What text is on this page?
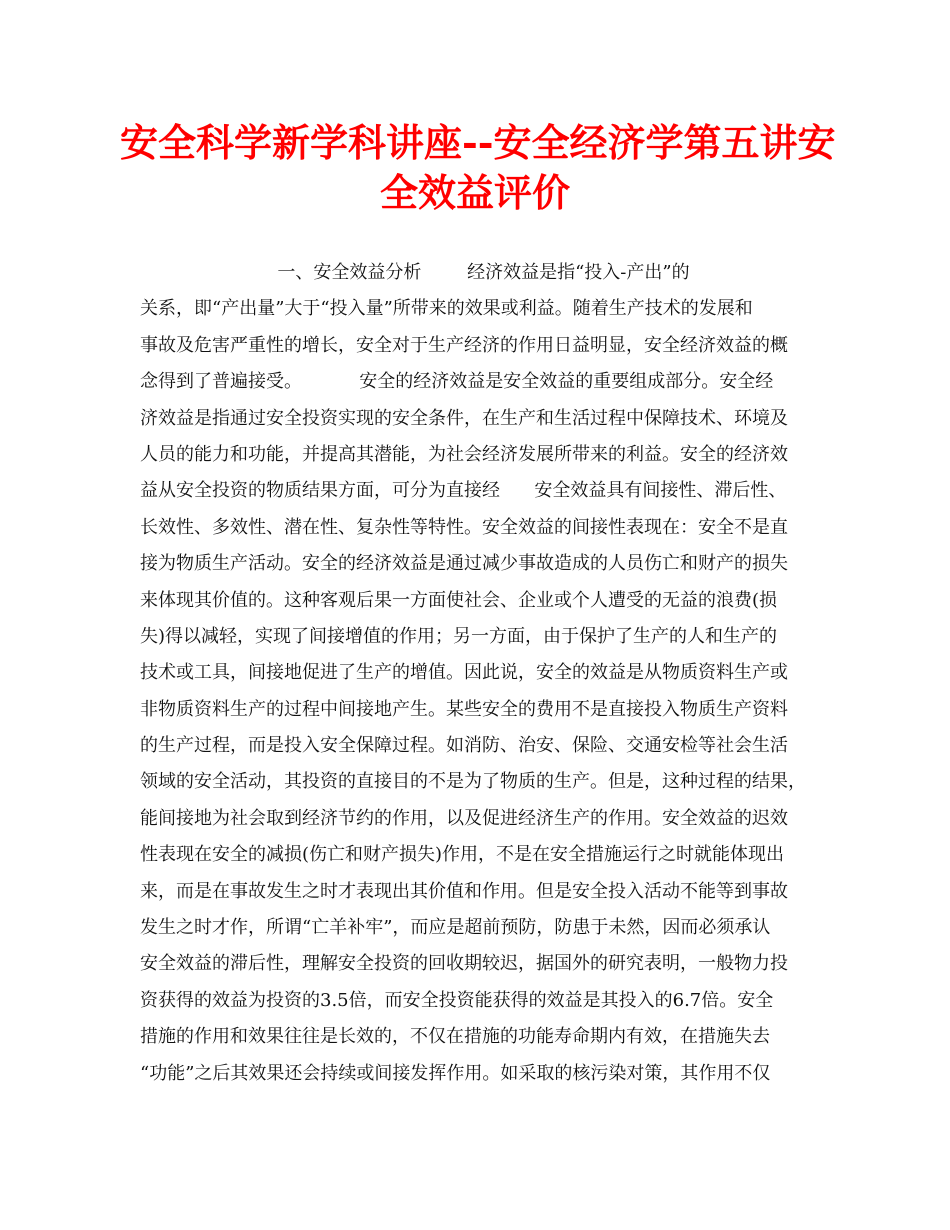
安全科学新学科讲座--安全经济学第五讲安
全效益评价
一、安全效益分析        经济效益是指“投入-产出”的
关系，即“产出量”大于“投入量”所带来的效果或利益。随着生产技术的发展和
事故及危害严重性的增长，安全对于生产经济的作用日益明显，安全经济效益的概
念得到了普遍接受。          安全的经济效益是安全效益的重要组成部分。安全经
济效益是指通过安全投资实现的安全条件，在生产和生活过程中保障技术、环境及
人员的能力和功能，并提高其潜能，为社会经济发展所带来的利益。安全的经济效
益从安全投资的物质结果方面，可分为直接经      安全效益具有间接性、滞后性、
长效性、多效性、潜在性、复杂性等特性。安全效益的间接性表现在：安全不是直
接为物质生产活动。安全的经济效益是通过减少事故造成的人员伤亡和财产的损失
来体现其价值的。这种客观后果一方面使社会、企业或个人遭受的无益的浪费(损
失)得以减轻，实现了间接增值的作用；另一方面，由于保护了生产的人和生产的
技术或工具，间接地促进了生产的增值。因此说，安全的效益是从物质资料生产或
非物质资料生产的过程中间接地产生。某些安全的费用不是直接投入物质生产资料
的生产过程，而是投入安全保障过程。如消防、治安、保险、交通安检等社会生活
领域的安全活动，其投资的直接目的不是为了物质的生产。但是，这种过程的结果，
能间接地为社会取到经济节约的作用，以及促进经济生产的作用。安全效益的迟效
性表现在安全的减损(伤亡和财产损失)作用，不是在安全措施运行之时就能体现出
来，而是在事故发生之时才表现出其价值和作用。但是安全投入活动不能等到事故
发生之时才作，所谓“亡羊补牢”，而应是超前预防，防患于未然，因而必须承认
安全效益的滞后性，理解安全投资的回收期较迟，据国外的研究表明，一般物力投
资获得的效益为投资的3.5倍，而安全投资能获得的效益是其投入的6.7倍。安全
措施的作用和效果往往是长效的，不仅在措施的功能寿命期内有效，在措施失去
“功能”之后其效果还会持续或间接发挥作用。如采取的核污染对策，其作用不仅
